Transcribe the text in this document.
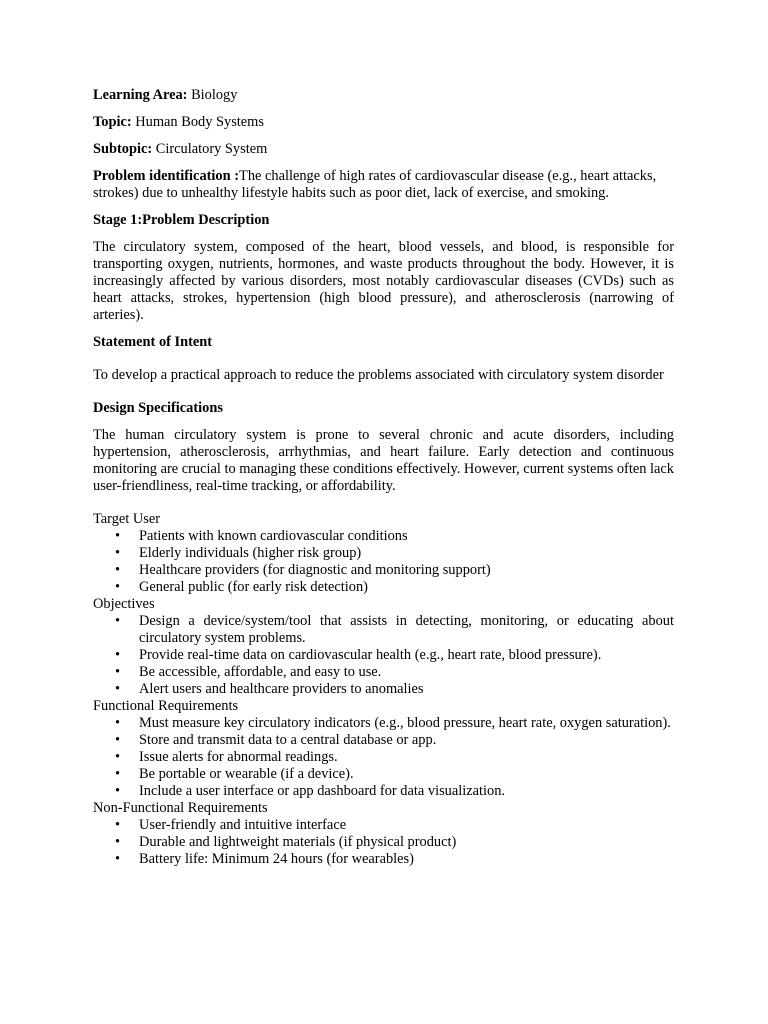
Learning Area: Biology

Topic: Human Body Systems

Subtopic: Circulatory System

Problem identification :The challenge of high rates of cardiovascular disease (e.g., heart attacks, strokes) due to unhealthy lifestyle habits such as poor diet, lack of exercise, and smoking.

Stage 1:Problem Description

The circulatory system, composed of the heart, blood vessels, and blood, is responsible for transporting oxygen, nutrients, hormones, and waste products throughout the body. However, it is increasingly affected by various disorders, most notably cardiovascular diseases (CVDs) such as heart attacks, strokes, hypertension (high blood pressure), and atherosclerosis (narrowing of arteries).

Statement of Intent

To develop a practical approach to reduce the problems associated with circulatory system disorder

Design Specifications

The human circulatory system is prone to several chronic and acute disorders, including hypertension, atherosclerosis, arrhythmias, and heart failure. Early detection and continuous monitoring are crucial to managing these conditions effectively. However, current systems often lack user-friendliness, real-time tracking, or affordability.

Target User

• Patients with known cardiovascular conditions
• Elderly individuals (higher risk group)
• Healthcare providers (for diagnostic and monitoring support)
• General public (for early risk detection)

Objectives

• Design a device/system/tool that assists in detecting, monitoring, or educating about circulatory system problems.
• Provide real-time data on cardiovascular health (e.g., heart rate, blood pressure).
• Be accessible, affordable, and easy to use.
• Alert users and healthcare providers to anomalies

Functional Requirements

• Must measure key circulatory indicators (e.g., blood pressure, heart rate, oxygen saturation).
• Store and transmit data to a central database or app.
• Issue alerts for abnormal readings.
• Be portable or wearable (if a device).
• Include a user interface or app dashboard for data visualization.

Non-Functional Requirements

• User-friendly and intuitive interface
• Durable and lightweight materials (if physical product)
• Battery life: Minimum 24 hours (for wearables)
